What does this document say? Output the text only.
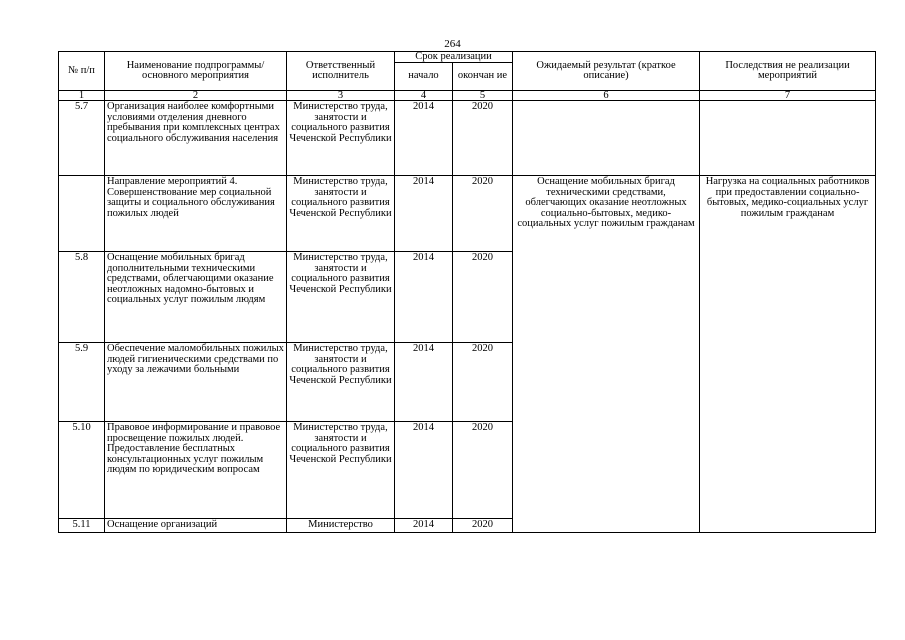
264
№ п/п	Наименование подпрограммы/ основного мероприятия	Ответственный исполнитель	Срок реализации		Ожидаемый результат (краткое описание)	Последствия не реализации мероприятий
			начало	окончан ие		
1	2	3	4	5	6	7
5.7	Организация наиболее комфортными условиями отделения дневного пребывания при комплексных центрах социального обслуживания населения	Министерство труда, занятости и социального развития Чеченской Республики	2014	2020		
	Направление мероприятий 4. Совершенствование мер социальной защиты и социального обслуживания пожилых людей	Министерство труда, занятости и социального развития Чеченской Республики	2014	2020	Оснащение мобильных бригад техническими средствами, облегчающих оказание неотложных социально-бытовых, медико-социальных услуг пожилым гражданам	Нагрузка на социальных работников при предоставлении социально-бытовых, медико-социальных услуг пожилым гражданам
5.8	Оснащение мобильных бригад дополнительными техническими средствами, облегчающими оказание неотложных надомно-бытовых и социальных услуг пожилым людям	Министерство труда, занятости и социального развития Чеченской Республики	2014	2020		
5.9	Обеспечение маломобильных пожилых людей гигиеническими средствами по уходу за лежачими больными	Министерство труда, занятости и социального развития Чеченской Республики	2014	2020		
5.10	Правовое информирование и правовое просвещение пожилых людей. Предоставление бесплатных консультационных услуг пожилым людям по юридическим вопросам	Министерство труда, занятости и социального развития Чеченской Республики	2014	2020		
5.11	Оснащение организаций	Министерство	2014	2020		
